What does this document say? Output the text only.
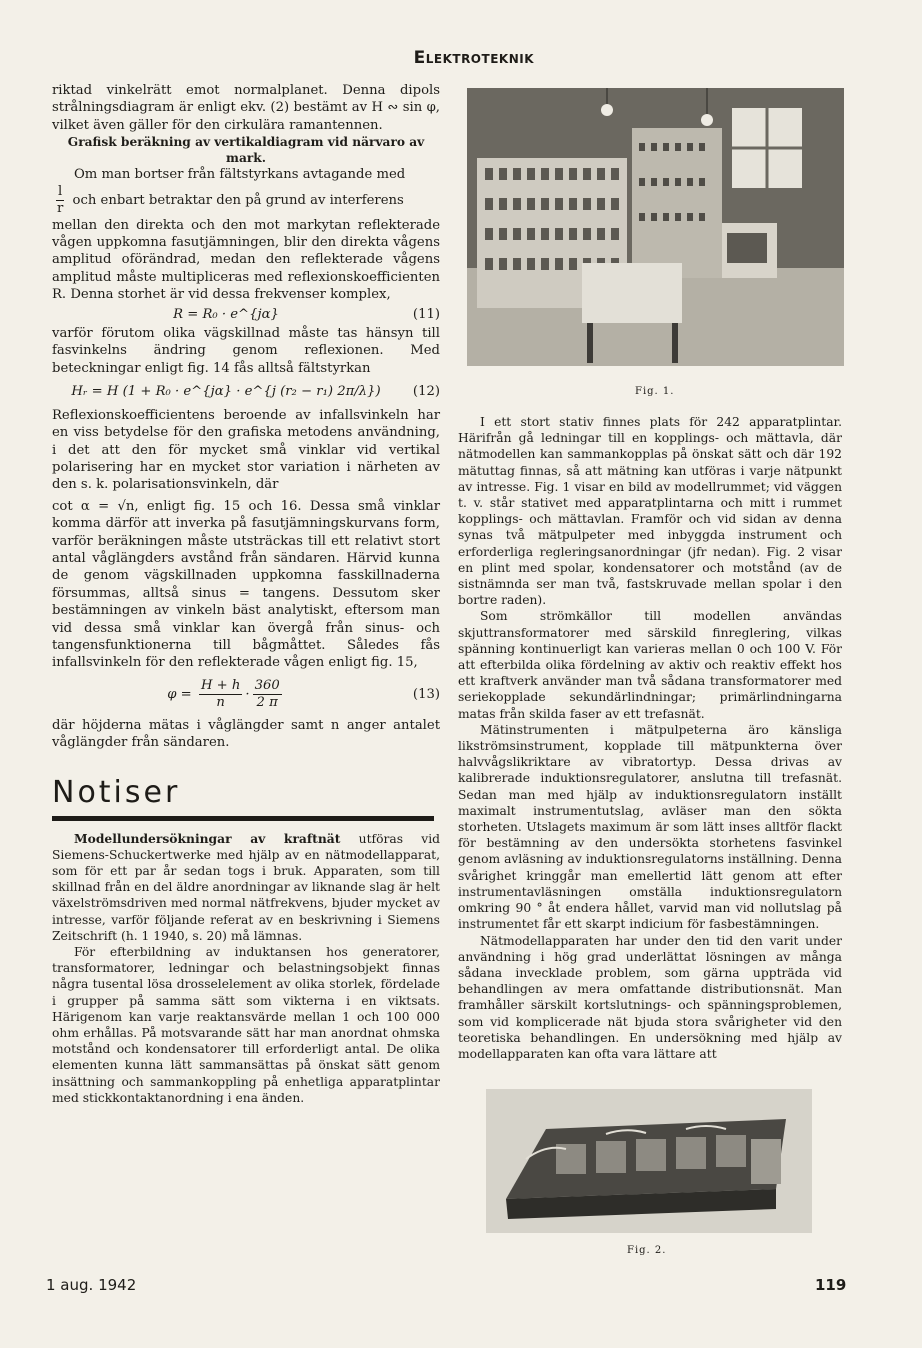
Elektroteknik

riktad vinkelrätt emot normalplanet. Denna dipols strålningsdiagram är enligt ekv. (2) bestämt av H ∾ sin φ, vilket även gäller för den cirkulära ramantennen.

Grafisk beräkning av vertikaldiagram vid närvaro av mark.

Om man bortser från fältstyrkans avtagande med

$\frac{l}{r}$ och enbart betraktar den på grund av interferens

mellan den direkta och den mot markytan reflekterade vågen uppkomna fasutjämningen, blir den direkta vågens amplitud oförändrad, medan den reflekterade vågens amplitud måste multipliceras med reflexionskoefficienten R. Denna storhet är vid dessa frekvenser komplex,

R = R₀ · e^{jα}	(11)

varför förutom olika vägskillnad måste tas hänsyn till fasvinkelns ändring genom reflexionen. Med beteckningar enligt fig. 14 fås alltså fältstyrkan

Hᵣ = H (1 + R₀ · e^{jα} · e^{j (r₂ − r₁) 2π/λ})	(12)

Reflexionskoefficientens beroende av infallsvinkeln har en viss betydelse för den grafiska metodens användning, i det att den för mycket små vinklar vid vertikal polarisering har en mycket stor variation i närheten av den s. k. polarisationsvinkeln, där

cot α = √n, enligt fig. 15 och 16. Dessa små vinklar komma därför att inverka på fasutjämningskurvans form, varför beräkningen måste utsträckas till ett relativt stort antal våglängders avstånd från sändaren. Härvid kunna de genom vägskillnaden uppkomna fasskillnaderna försummas, alltså sinus = tangens. Dessutom sker bestämningen av vinkeln bäst analytiskt, eftersom man vid dessa små vinklar kan övergå från sinus- och tangensfunktionerna till bågmåttet. Således fås infallsvinkeln för den reflekterade vågen enligt fig. 15,

$\varphi = \frac{H + h}{n} \cdot \frac{360}{2 \pi}$	(13)

där höjderna mätas i våglängder samt n anger antalet våglängder från sändaren.

Notiser

Modellundersökningar av kraftnät utföras vid Siemens-Schuckertwerke med hjälp av en nätmodellapparat, som för ett par år sedan togs i bruk. Apparaten, som till skillnad från en del äldre anordningar av liknande slag är helt växelströmsdriven med normal nätfrekvens, bjuder mycket av intresse, varför följande referat av en beskrivning i Siemens Zeitschrift (h. 1 1940, s. 20) må lämnas.

För efterbildning av induktansen hos generatorer, transformatorer, ledningar och belastningsobjekt finnas några tusental lösa drosselelement av olika storlek, fördelade i grupper på samma sätt som vikterna i en viktsats. Härigenom kan varje reaktansvärde mellan 1 och 100 000 ohm erhållas. På motsvarande sätt har man anordnat ohmska motstånd och kondensatorer till erforderligt antal. De olika elementen kunna lätt sammansättas på önskat sätt genom insättning och sammankoppling på enhetliga apparatplintar med stickkontaktanordning i ena änden.

Fig. 1.

I ett stort stativ finnes plats för 242 apparatplintar. Härifrån gå ledningar till en kopplings- och mättavla, där nätmodellen kan sammankopplas på önskat sätt och där 192 mätuttag finnas, så att mätning kan utföras i varje nätpunkt av intresse. Fig. 1 visar en bild av modellrummet; vid väggen t. v. står stativet med apparatplintarna och mitt i rummet kopplings- och mättavlan. Framför och vid sidan av denna synas två mätpulpeter med inbyggda instrument och erforderliga regleringsanordningar (jfr nedan). Fig. 2 visar en plint med spolar, kondensatorer och motstånd (av de sistnämnda ser man två, fastskruvade mellan spolar i den bortre raden).

Som strömkällor till modellen användas skjuttransformatorer med särskild finreglering, vilkas spänning kontinuerligt kan varieras mellan 0 och 100 V. För att efterbilda olika fördelning av aktiv och reaktiv effekt hos ett kraftverk använder man två sådana transformatorer med seriekopplade sekundärlindningar; primärlindningarna matas från skilda faser av ett trefasnät.

Mätinstrumenten i mätpulpeterna äro känsliga likströmsinstrument, kopplade till mätpunkterna över halvvågslikriktare av vibratortyp. Dessa drivas av kalibrerade induktionsregulatorer, anslutna till trefasnät. Sedan man med hjälp av induktionsregulatorn inställt maximalt instrumentutslag, avläser man den sökta storheten. Utslagets maximum är som lätt inses alltför flackt för bestämning av den undersökta storhetens fasvinkel genom avläsning av induktionsregulatorns inställning. Denna svårighet kringgår man emellertid lätt genom att efter instrumentavläsningen omställa induktionsregulatorn omkring 90 ° åt endera hållet, varvid man vid nollutslag på instrumentet får ett skarpt indicium för fasbestämningen.

Nätmodellapparaten har under den tid den varit under användning i hög grad underlättat lösningen av många sådana invecklade problem, som gärna uppträda vid behandlingen av mera omfattande distributionsnät. Man framhåller särskilt kortslutnings- och spänningsproblemen, som vid komplicerade nät bjuda stora svårigheter vid den teoretiska behandlingen. En undersökning med hjälp av modellapparaten kan ofta vara lättare att

Fig. 2.
1 aug. 1942	119
